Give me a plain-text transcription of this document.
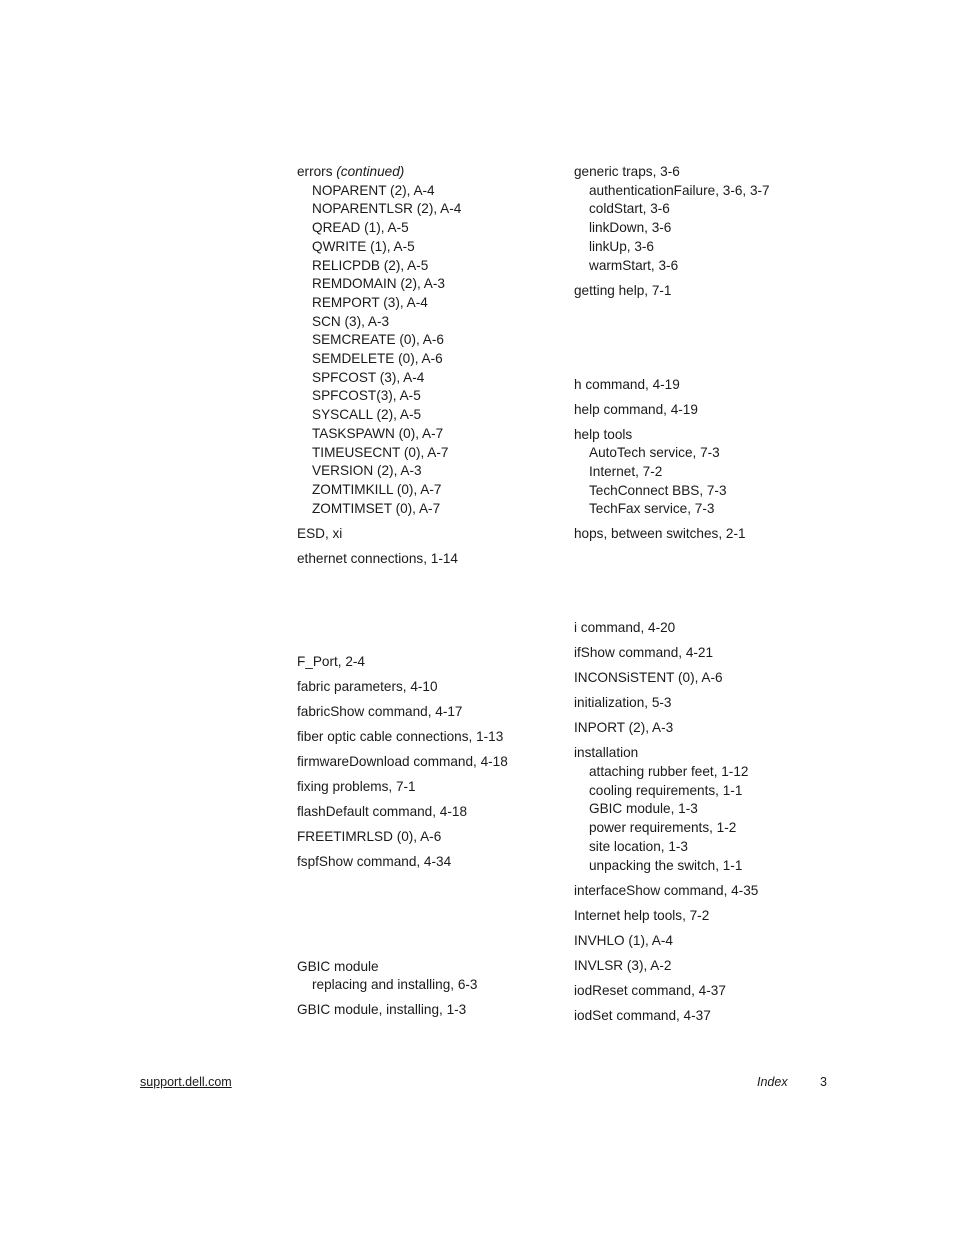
errors (continued)
NOPARENT (2), A-4
NOPARENTLSR (2), A-4
QREAD (1), A-5
QWRITE (1), A-5
RELICPDB (2), A-5
REMDOMAIN (2), A-3
REMPORT (3), A-4
SCN (3), A-3
SEMCREATE (0), A-6
SEMDELETE (0), A-6
SPFCOST (3), A-4
SPFCOST(3), A-5
SYSCALL (2), A-5
TASKSPAWN (0), A-7
TIMEUSECNT (0), A-7
VERSION (2), A-3
ZOMTIMKILL (0), A-7
ZOMTIMSET (0), A-7
ESD, xi
ethernet connections, 1-14
F_Port, 2-4
fabric parameters, 4-10
fabricShow command, 4-17
fiber optic cable connections, 1-13
firmwareDownload command, 4-18
fixing problems, 7-1
flashDefault command, 4-18
FREETIMRLSD (0), A-6
fspfShow command, 4-34
GBIC module
replacing and installing, 6-3
GBIC module, installing, 1-3
generic traps, 3-6
authenticationFailure, 3-6, 3-7
coldStart, 3-6
linkDown, 3-6
linkUp, 3-6
warmStart, 3-6
getting help, 7-1
h command, 4-19
help command, 4-19
help tools
AutoTech service, 7-3
Internet, 7-2
TechConnect BBS, 7-3
TechFax service, 7-3
hops, between switches, 2-1
i command, 4-20
ifShow command, 4-21
INCONSiSTENT (0), A-6
initialization, 5-3
INPORT (2), A-3
installation
attaching rubber feet, 1-12
cooling requirements, 1-1
GBIC module, 1-3
power requirements, 1-2
site location, 1-3
unpacking the switch, 1-1
interfaceShow command, 4-35
Internet help tools, 7-2
INVHLO (1), A-4
INVLSR (3), A-2
iodReset command, 4-37
iodSet command, 4-37
support.dell.com	Index	3
